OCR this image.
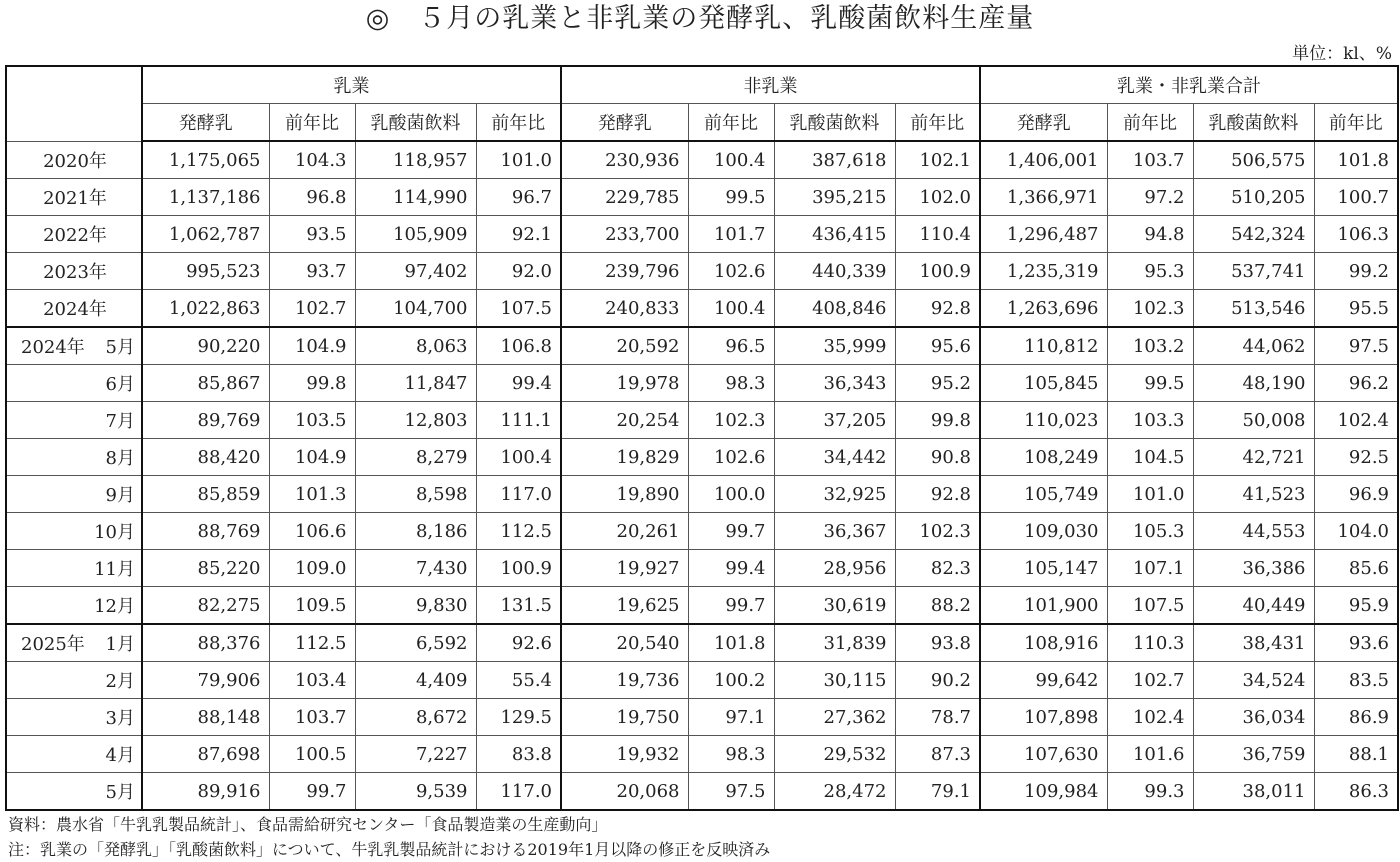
◎　５月の乳業と非乳業の発酵乳、乳酸菌飲料生産量
単位：kl、%
	乳業				非乳業				乳業・非乳業合計			
	発酵乳	前年比	乳酸菌飲料	前年比	発酵乳	前年比	乳酸菌飲料	前年比	発酵乳	前年比	乳酸菌飲料	前年比
2020年	1,175,065	104.3	118,957	101.0	230,936	100.4	387,618	102.1	1,406,001	103.7	506,575	101.8
2021年	1,137,186	96.8	114,990	96.7	229,785	99.5	395,215	102.0	1,366,971	97.2	510,205	100.7
2022年	1,062,787	93.5	105,909	92.1	233,700	101.7	436,415	110.4	1,296,487	94.8	542,324	106.3
2023年	995,523	93.7	97,402	92.0	239,796	102.6	440,339	100.9	1,235,319	95.3	537,741	99.2
2024年	1,022,863	102.7	104,700	107.5	240,833	100.4	408,846	92.8	1,263,696	102.3	513,546	95.5

2024年 5月	90,220	104.9	8,063	106.8	20,592	96.5	35,999	95.6	110,812	103.2	44,062	97.5
6月	85,867	99.8	11,847	99.4	19,978	98.3	36,343	95.2	105,845	99.5	48,190	96.2
7月	89,769	103.5	12,803	111.1	20,254	102.3	37,205	99.8	110,023	103.3	50,008	102.4
8月	88,420	104.9	8,279	100.4	19,829	102.6	34,442	90.8	108,249	104.5	42,721	92.5
9月	85,859	101.3	8,598	117.0	19,890	100.0	32,925	92.8	105,749	101.0	41,523	96.9
10月	88,769	106.6	8,186	112.5	20,261	99.7	36,367	102.3	109,030	105.3	44,553	104.0
11月	85,220	109.0	7,430	100.9	19,927	99.4	28,956	82.3	105,147	107.1	36,386	85.6
12月	82,275	109.5	9,830	131.5	19,625	99.7	30,619	88.2	101,900	107.5	40,449	95.9

2025年 1月	88,376	112.5	6,592	92.6	20,540	101.8	31,839	93.8	108,916	110.3	38,431	93.6
2月	79,906	103.4	4,409	55.4	19,736	100.2	30,115	90.2	99,642	102.7	34,524	83.5
3月	88,148	103.7	8,672	129.5	19,750	97.1	27,362	78.7	107,898	102.4	36,034	86.9
4月	87,698	100.5	7,227	83.8	19,932	98.3	29,532	87.3	107,630	101.6	36,759	88.1
5月	89,916	99.7	9,539	117.0	20,068	97.5	28,472	79.1	109,984	99.3	38,011	86.3
資料：農水省「牛乳乳製品統計」、食品需給研究センター「食品製造業の生産動向」
注：乳業の「発酵乳」「乳酸菌飲料」について、牛乳乳製品統計における2019年1月以降の修正を反映済み
